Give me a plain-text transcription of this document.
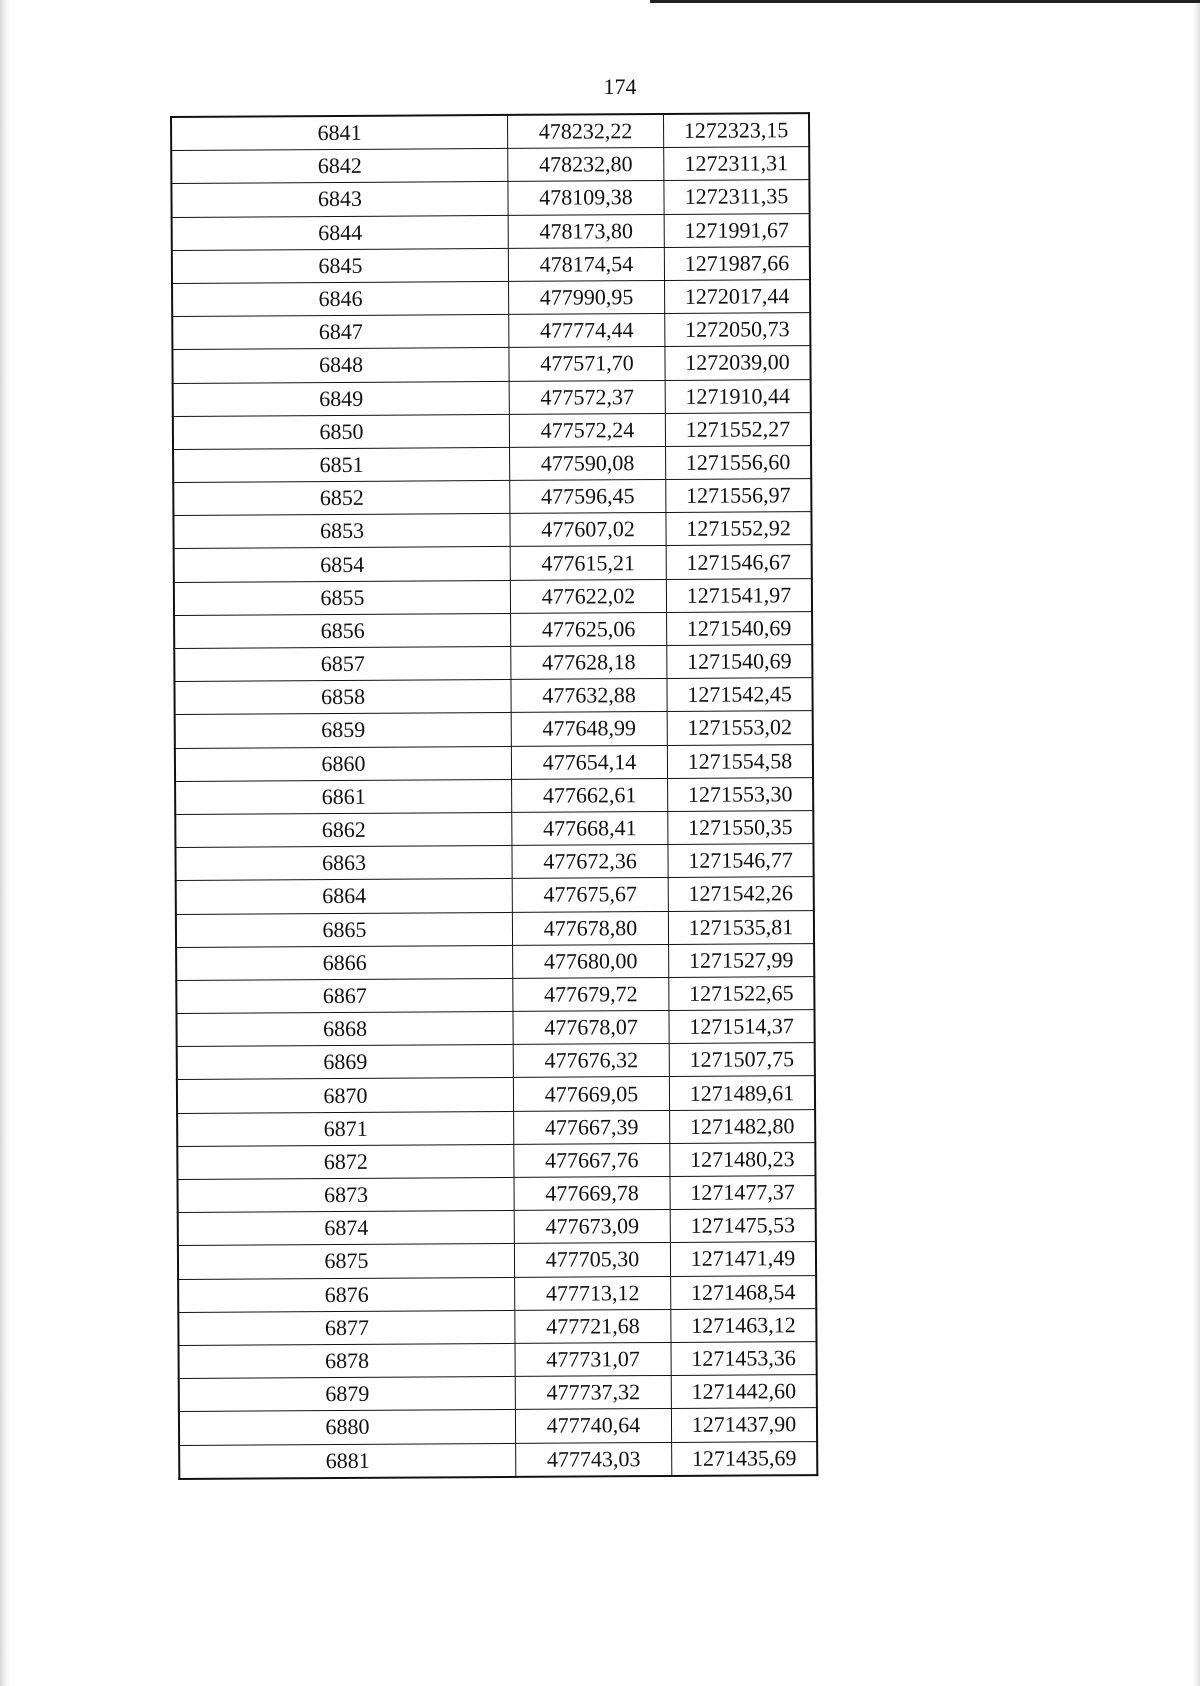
174
6841	478232,22	1272323,15
6842	478232,80	1272311,31
6843	478109,38	1272311,35
6844	478173,80	1271991,67
6845	478174,54	1271987,66
6846	477990,95	1272017,44
6847	477774,44	1272050,73
6848	477571,70	1272039,00
6849	477572,37	1271910,44
6850	477572,24	1271552,27
6851	477590,08	1271556,60
6852	477596,45	1271556,97
6853	477607,02	1271552,92
6854	477615,21	1271546,67
6855	477622,02	1271541,97
6856	477625,06	1271540,69
6857	477628,18	1271540,69
6858	477632,88	1271542,45
6859	477648,99	1271553,02
6860	477654,14	1271554,58
6861	477662,61	1271553,30
6862	477668,41	1271550,35
6863	477672,36	1271546,77
6864	477675,67	1271542,26
6865	477678,80	1271535,81
6866	477680,00	1271527,99
6867	477679,72	1271522,65
6868	477678,07	1271514,37
6869	477676,32	1271507,75
6870	477669,05	1271489,61
6871	477667,39	1271482,80
6872	477667,76	1271480,23
6873	477669,78	1271477,37
6874	477673,09	1271475,53
6875	477705,30	1271471,49
6876	477713,12	1271468,54
6877	477721,68	1271463,12
6878	477731,07	1271453,36
6879	477737,32	1271442,60
6880	477740,64	1271437,90
6881	477743,03	1271435,69
